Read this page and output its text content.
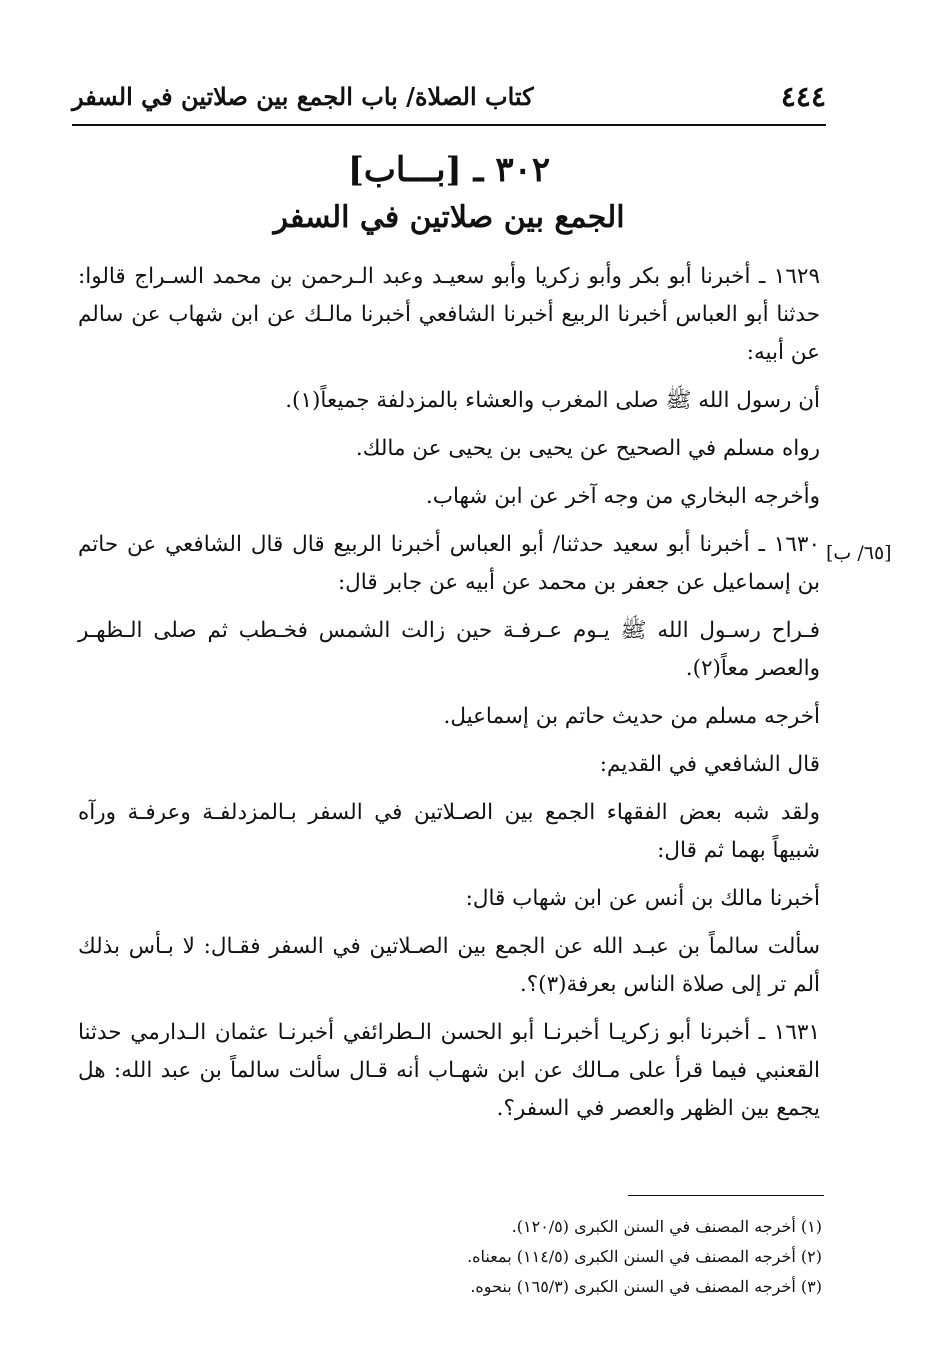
٤٤٤
كتاب الصلاة/ باب الجمع بين صلاتين في السفر
٣٠٢ ـ [بـــاب]
الجمع بين صلاتين في السفر
[٦٥/ ب]

١٦٢٩ ـ أخبرنا أبو بكر وأبو زكريا وأبو سعيـد وعبد الـرحمن بن محمد السـراج قالوا: حدثنا أبو العباس أخبرنا الربيع أخبرنا الشافعي أخبرنا مالـك عن ابن شهاب عن سالم عن أبيه:

أن رسول الله ﷺ صلى المغرب والعشاء بالمزدلفة جميعاً(١).

رواه مسلم في الصحيح عن يحيى بن يحيى عن مالك.

وأخرجه البخاري من وجه آخر عن ابن شهاب.

١٦٣٠ ـ أخبرنا أبو سعيد حدثنا/ أبو العباس أخبرنا الربيع قال قال الشافعي عن حاتم بن إسماعيل عن جعفر بن محمد عن أبيه عن جابر قال:

فـراح رسـول الله ﷺ يـوم عـرفـة حين زالت الشمس فخـطب ثم صلى الـظهـر والعصر معاً(٢).

أخرجه مسلم من حديث حاتم بن إسماعيل.

قال الشافعي في القديم:

ولقد شبه بعض الفقهاء الجمع بين الصـلاتين في السفر بـالمزدلفـة وعرفـة ورآه شبيهاً بهما ثم قال:

أخبرنا مالك بن أنس عن ابن شهاب قال:

سألت سالماً بن عبـد الله عن الجمع بين الصـلاتين في السفر فقـال: لا بـأس بذلك ألم تر إلى صلاة الناس بعرفة(٣)؟.

١٦٣١ ـ أخبرنا أبو زكريـا أخبرنـا أبو الحسن الـطرائفي أخبرنـا عثمان الـدارمي حدثنا القعنبي فيما قرأ على مـالك عن ابن شهـاب أنه قـال سألت سالماً بن عبد الله: هل يجمع بين الظهر والعصر في السفر؟.

(١) أخرجه المصنف في السنن الكبرى (١٢٠/٥).
(٢) أخرجه المصنف في السنن الكبرى (١١٤/٥) بمعناه.
(٣) أخرجه المصنف في السنن الكبرى (١٦٥/٣) بنحوه.
